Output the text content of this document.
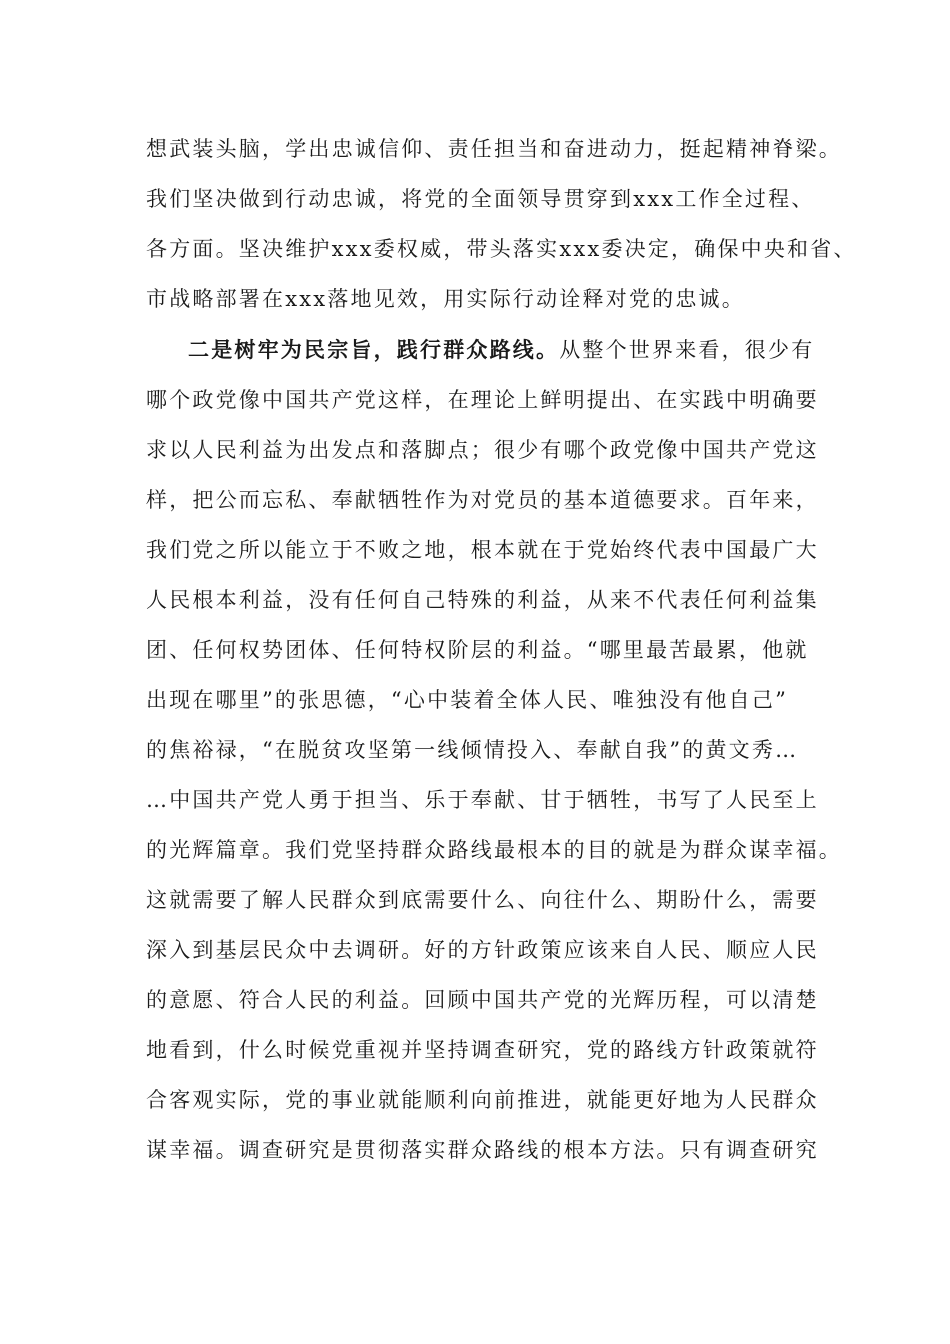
想武装头脑，学出忠诚信仰、责任担当和奋进动力，挺起精神脊梁。
我们坚决做到行动忠诚，将党的全面领导贯穿到xxx工作全过程、
各方面。坚决维护xxx委权威，带头落实xxx委决定，确保中央和省、
市战略部署在xxx落地见效，用实际行动诠释对党的忠诚。
二是树牢为民宗旨，践行群众路线。从整个世界来看，很少有
哪个政党像中国共产党这样，在理论上鲜明提出、在实践中明确要
求以人民利益为出发点和落脚点；很少有哪个政党像中国共产党这
样，把公而忘私、奉献牺牲作为对党员的基本道德要求。百年来，
我们党之所以能立于不败之地，根本就在于党始终代表中国最广大
人民根本利益，没有任何自己特殊的利益，从来不代表任何利益集
团、任何权势团体、任何特权阶层的利益。“哪里最苦最累，他就
出现在哪里”的张思德，“心中装着全体人民、唯独没有他自己”
的焦裕禄，“在脱贫攻坚第一线倾情投入、奉献自我”的黄文秀…
…中国共产党人勇于担当、乐于奉献、甘于牺牲，书写了人民至上
的光辉篇章。我们党坚持群众路线最根本的目的就是为群众谋幸福。
这就需要了解人民群众到底需要什么、向往什么、期盼什么，需要
深入到基层民众中去调研。好的方针政策应该来自人民、顺应人民
的意愿、符合人民的利益。回顾中国共产党的光辉历程，可以清楚
地看到，什么时候党重视并坚持调查研究，党的路线方针政策就符
合客观实际，党的事业就能顺利向前推进，就能更好地为人民群众
谋幸福。调查研究是贯彻落实群众路线的根本方法。只有调查研究
